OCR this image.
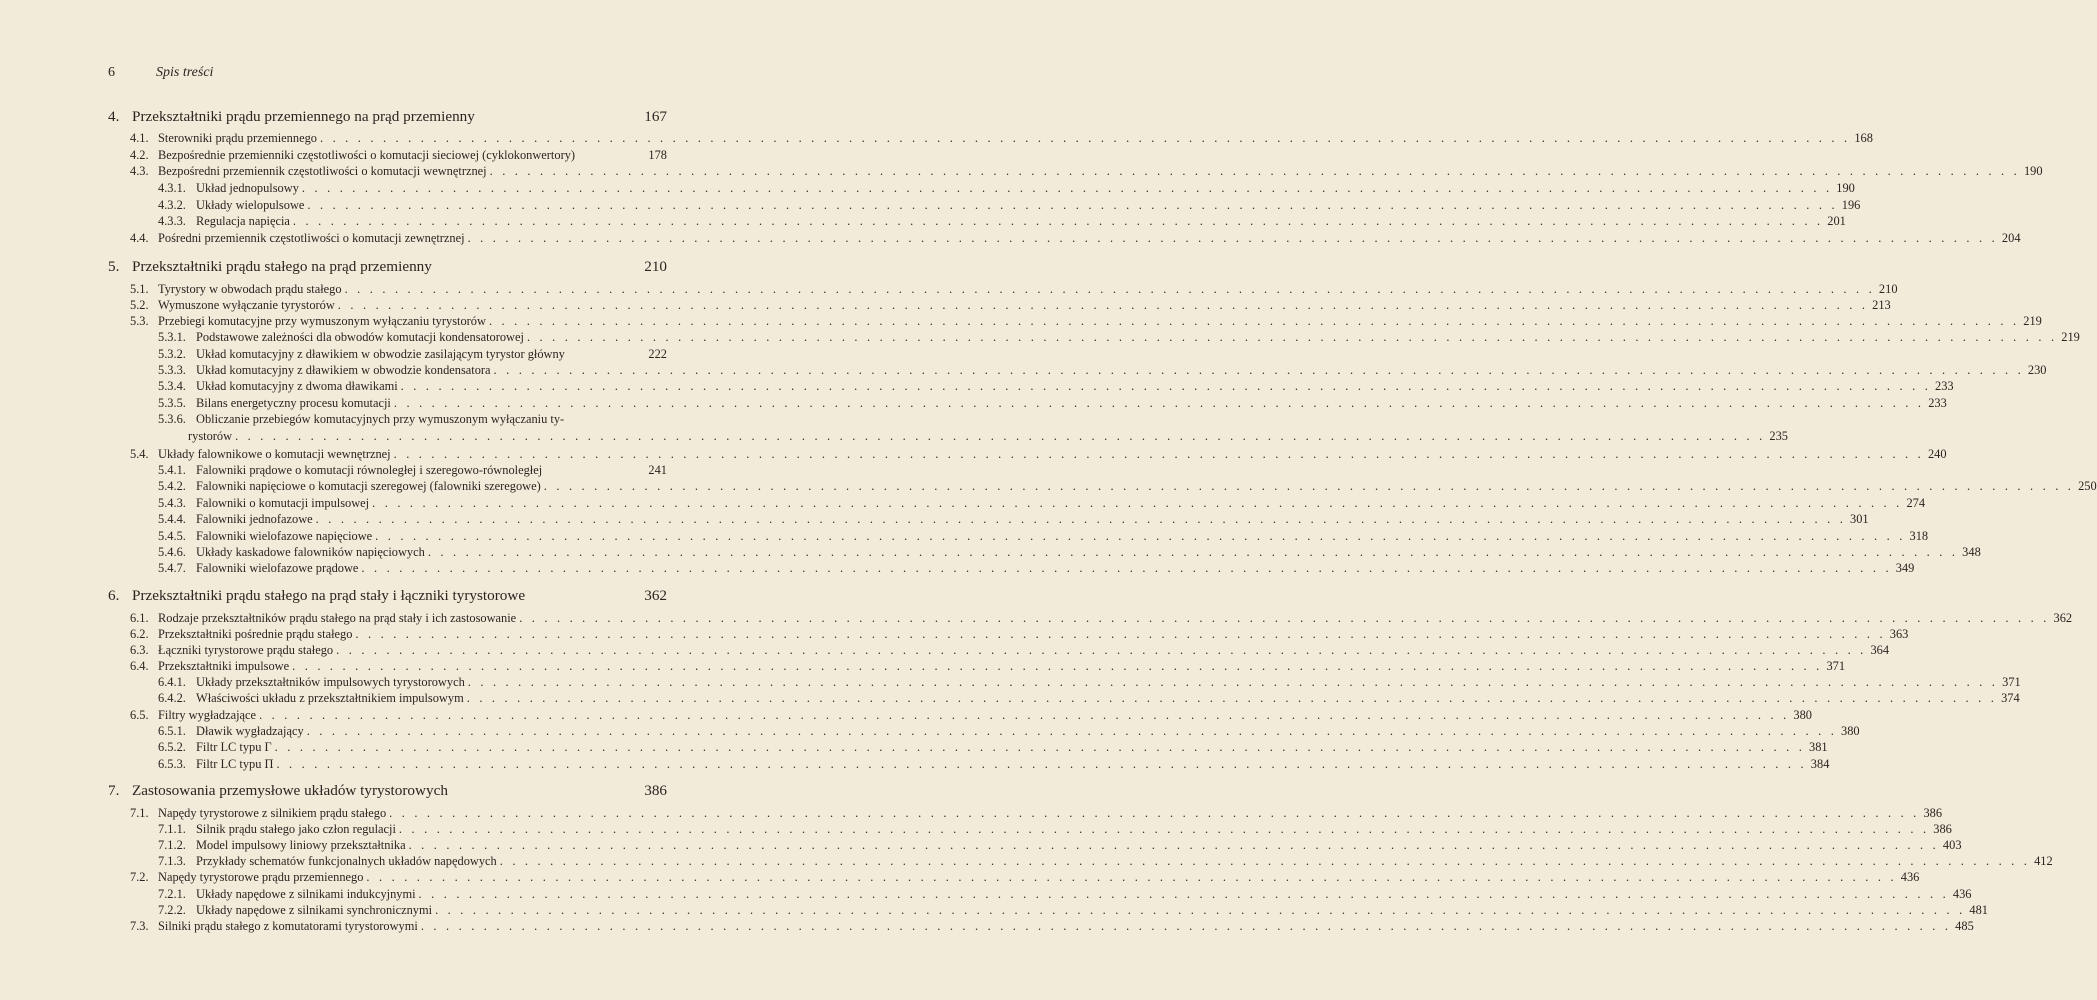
6	Spis treści
4. Przekształtniki prądu przemiennego na prąd przemienny	167
4.1. Sterowniki prądu przemiennego . . .	168
4.2. Bezpośrednie przemienniki częstotliwości o komutacji sieciowej (cyklokonwertory)	178
4.3. Bezpośredni przemiennik częstotliwości o komutacji wewnętrznej . . .	190
4.3.1. Układ jednopulsowy . . .	190
4.3.2. Układy wielopulsowe . . .	196
4.3.3. Regulacja napięcia . . .	201
4.4. Pośredni przemiennik częstotliwości o komutacji zewnętrznej . . .	204
5. Przekształtniki prądu stałego na prąd przemienny	210
5.1. Tyrystory w obwodach prądu stałego . . .	210
5.2. Wymuszone wyłączanie tyrystorów . . .	213
5.3. Przebiegi komutacyjne przy wymuszonym wyłączaniu tyrystorów . . .	219
5.3.1. Podstawowe zależności dla obwodów komutacji kondensatorowej . . .	219
5.3.2. Układ komutacyjny z dławikiem w obwodzie zasilającym tyrystor główny	222
5.3.3. Układ komutacyjny z dławikiem w obwodzie kondensatora . . .	230
5.3.4. Układ komutacyjny z dwoma dławikami . . .	233
5.3.5. Bilans energetyczny procesu komutacji . . .	233
5.3.6. Obliczanie przebiegów komutacyjnych przy wymuszonym wyłączaniu ty-
rystorów . . .	235
5.4. Układy falownikowe o komutacji wewnętrznej . . .	240
5.4.1. Falowniki prądowe o komutacji równoległej i szeregowo-równoległej	241
5.4.2. Falowniki napięciowe o komutacji szeregowej (falowniki szeregowe) . . .	250
5.4.3. Falowniki o komutacji impulsowej . . .	274
5.4.4. Falowniki jednofazowe . . .	301
5.4.5. Falowniki wielofazowe napięciowe . . .	318
5.4.6. Układy kaskadowe falowników napięciowych . . .	348
5.4.7. Falowniki wielofazowe prądowe . . .	349
6. Przekształtniki prądu stałego na prąd stały i łączniki tyrystorowe	362
6.1. Rodzaje przekształtników prądu stałego na prąd stały i ich zastosowanie . . .	362
6.2. Przekształtniki pośrednie prądu stałego . . .	363
6.3. Łączniki tyrystorowe prądu stałego . . .	364
6.4. Przekształtniki impulsowe . . .	371
6.4.1. Układy przekształtników impulsowych tyrystorowych . . .	371
6.4.2. Właściwości układu z przekształtnikiem impulsowym . . .	374
6.5. Filtry wygładzające . . .	380
6.5.1. Dławik wygładzający . . .	380
6.5.2. Filtr LC typu Γ . . .	381
6.5.3. Filtr LC typu Π . . .	384
7. Zastosowania przemysłowe układów tyrystorowych	386
7.1. Napędy tyrystorowe z silnikiem prądu stałego . . .	386
7.1.1. Silnik prądu stałego jako człon regulacji . . .	386
7.1.2. Model impulsowy liniowy przekształtnika . . .	403
7.1.3. Przykłady schematów funkcjonalnych układów napędowych . . .	412
7.2. Napędy tyrystorowe prądu przemiennego . . .	436
7.2.1. Układy napędowe z silnikami indukcyjnymi . . .	436
7.2.2. Układy napędowe z silnikami synchronicznymi . . .	481
7.3. Silniki prądu stałego z komutatorami tyrystorowymi . . .	485
